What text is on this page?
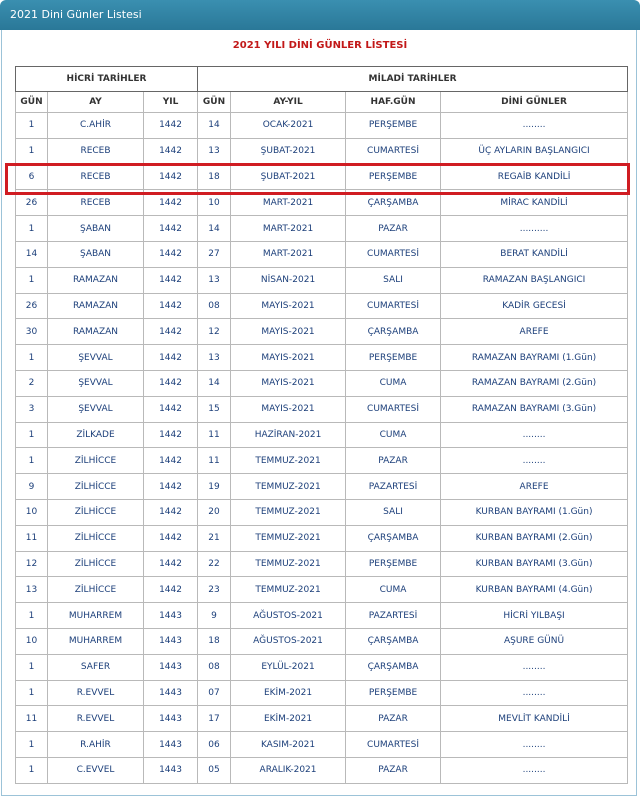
2021 Dini Günler Listesi
2021 YILI DİNİ GÜNLER LİSTESİ
HİCRİ TARİHLER			MİLADİ TARİHLER			
GÜN	AY	YIL	GÜN	AY-YIL	HAF.GÜN	DİNİ GÜNLER
1	C.AHİR	1442	14	OCAK-2021	PERŞEMBE	........
1	RECEB	1442	13	ŞUBAT-2021	CUMARTESİ	ÜÇ AYLARIN BAŞLANGICI
6	RECEB	1442	18	ŞUBAT-2021	PERŞEMBE	REGAİB KANDİLİ
26	RECEB	1442	10	MART-2021	ÇARŞAMBA	MİRAC KANDİLİ
1	ŞABAN	1442	14	MART-2021	PAZAR	..........
14	ŞABAN	1442	27	MART-2021	CUMARTESİ	BERAT KANDİLİ
1	RAMAZAN	1442	13	NİSAN-2021	SALI	RAMAZAN BAŞLANGICI
26	RAMAZAN	1442	08	MAYIS-2021	CUMARTESİ	KADİR GECESİ
30	RAMAZAN	1442	12	MAYIS-2021	ÇARŞAMBA	AREFE
1	ŞEVVAL	1442	13	MAYIS-2021	PERŞEMBE	RAMAZAN BAYRAMI (1.Gün)
2	ŞEVVAL	1442	14	MAYIS-2021	CUMA	RAMAZAN BAYRAMI (2.Gün)
3	ŞEVVAL	1442	15	MAYIS-2021	CUMARTESİ	RAMAZAN BAYRAMI (3.Gün)
1	ZİLKADE	1442	11	HAZİRAN-2021	CUMA	........
1	ZİLHİCCE	1442	11	TEMMUZ-2021	PAZAR	........
9	ZİLHİCCE	1442	19	TEMMUZ-2021	PAZARTESİ	AREFE
10	ZİLHİCCE	1442	20	TEMMUZ-2021	SALI	KURBAN BAYRAMI (1.Gün)
11	ZİLHİCCE	1442	21	TEMMUZ-2021	ÇARŞAMBA	KURBAN BAYRAMI (2.Gün)
12	ZİLHİCCE	1442	22	TEMMUZ-2021	PERŞEMBE	KURBAN BAYRAMI (3.Gün)
13	ZİLHİCCE	1442	23	TEMMUZ-2021	CUMA	KURBAN BAYRAMI (4.Gün)
1	MUHARREM	1443	9	AĞUSTOS-2021	PAZARTESİ	HİCRİ YILBAŞI
10	MUHARREM	1443	18	AĞUSTOS-2021	ÇARŞAMBA	AŞURE GÜNÜ
1	SAFER	1443	08	EYLÜL-2021	ÇARŞAMBA	........
1	R.EVVEL	1443	07	EKİM-2021	PERŞEMBE	........
11	R.EVVEL	1443	17	EKİM-2021	PAZAR	MEVLİT KANDİLİ
1	R.AHİR	1443	06	KASIM-2021	CUMARTESİ	........
1	C.EVVEL	1443	05	ARALIK-2021	PAZAR	........
